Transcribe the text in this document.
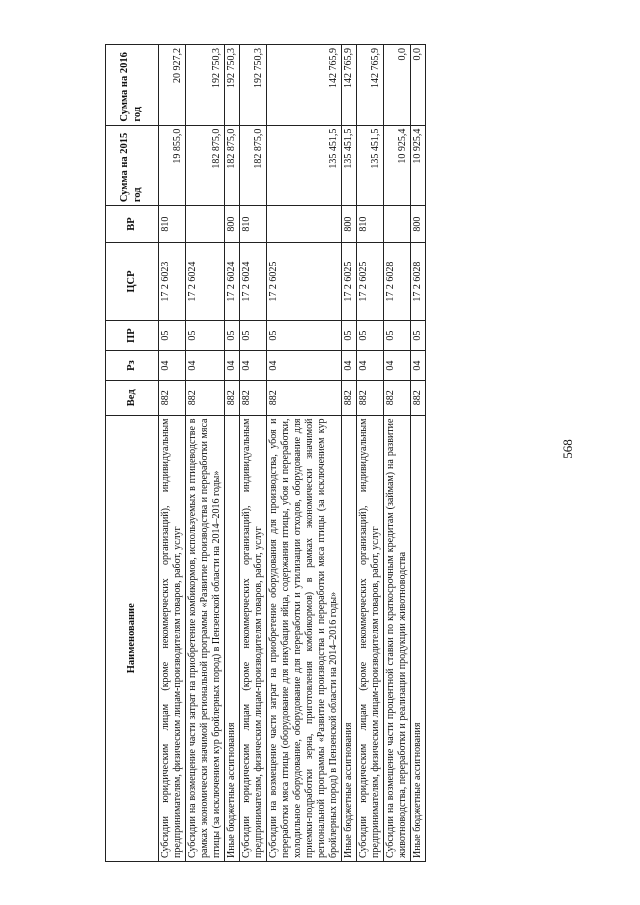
568
Наименование	Вед	Рз	ПР	ЦСР	ВР	Сумма на 2015 год	Сумма на 2016 год
Субсидии юридическим лицам (кроме некоммерческих организаций), индивидуальным предпринимателям, физическим лицам-производителям товаров, работ, услуг	882	04	05	17 2 6023	810	19 855,0	20 927,2
Субсидии на возмещение части затрат на приобретение комбикормов, используемых в птицеводстве в рамках экономически значимой региональной программы «Развитие производства и переработки мяса птицы (за исключением кур бройлерных пород) в Пензенской области на 2014–2016 годы»	882	04	05	17 2 6024		182 875,0	192 750,3
Иные бюджетные ассигнования	882	04	05	17 2 6024	800	182 875,0	192 750,3
Субсидии юридическим лицам (кроме некоммерческих организаций), индивидуальным предпринимателям, физическим лицам-производителям товаров, работ, услуг	882	04	05	17 2 6024	810	182 875,0	192 750,3
Субсидии на возмещение части затрат на приобретение оборудования для производства, убоя и переработки мяса птицы (оборудование для инкубации яйца, содержания птицы, убоя и переработки, холодильное оборудование, оборудование для переработки и утилизации отходов, оборудование для приемки-подработки зерна, приготовления комбикормов) в рамках экономически значимой региональной программы «Развитие производства и переработки мяса птицы (за исключением кур бройлерных пород) в Пензенской области на 2014–2016 годы»	882	04	05	17 2 6025		135 451,5	142 765,9
Иные бюджетные ассигнования	882	04	05	17 2 6025	800	135 451,5	142 765,9
Субсидии юридическим лицам (кроме некоммерческих организаций), индивидуальным предпринимателям, физическим лицам-производителям товаров, работ, услуг	882	04	05	17 2 6025	810	135 451,5	142 765,9
Субсидии на возмещение части процентной ставки по краткосрочным кредитам (займам) на развитие животноводства, переработки и реализации продукции животноводства	882	04	05	17 2 6028		10 925,4	0,0
Иные бюджетные ассигнования	882	04	05	17 2 6028	800	10 925,4	0,0
